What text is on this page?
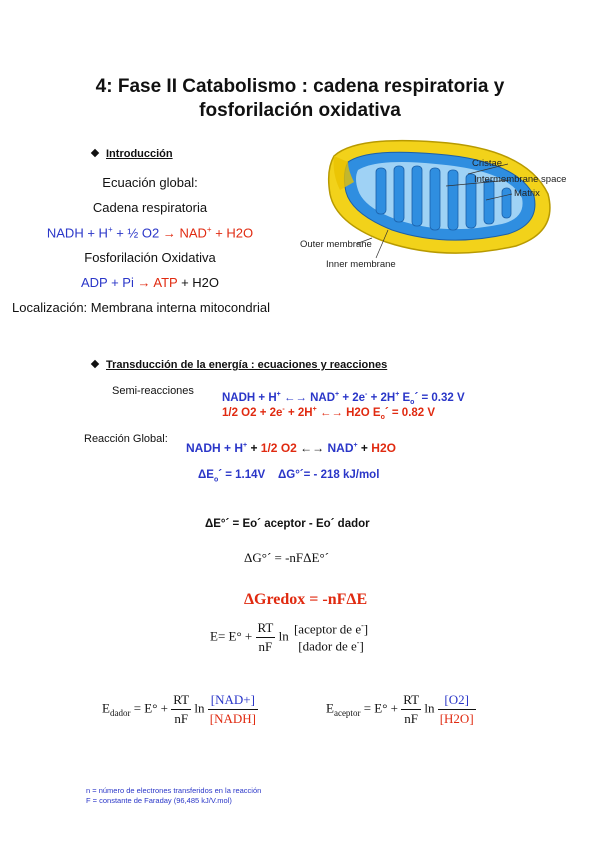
4: Fase II Catabolismo : cadena respiratoria y
fosforilación oxidativa
Introducción
Ecuación global:
Cadena respiratoria
NADH + H+ + ½ O2 → NAD+ + H2O
Fosforilación Oxidativa
ADP + Pi → ATP + H2O
Localización: Membrana interna mitocondrial
Cristae
Intermembrane space
Matrix
Outer membrane
Inner membrane
Transducción de la energía : ecuaciones y reacciones
Semi-reacciones
NADH + H+ ←→ NAD+ + 2e- + 2H+ $E_o´ = 0.32$ V
1/2 O2 + 2e- + 2H+ ←→ H2O $E_o´ = 0.82$ V
Reacción Global:
NADH + H+ + 1/2 O2 ←→ NAD+ + H2O
$\Delta E_o´ = 1.14V$ ΔG°´= - 218 kJ/mol
ΔE°´ = Eo´ aceptor - Eo´ dador
ΔG°´ = -nFΔE°´
ΔGredox = -nFΔE
$E= E^\circ + \frac{RT}{nF}$ ln [aceptor de e-]
[dador de e-]
$E_{dador} = E^\circ + \frac{RT}{nF}$ $\ln \frac{\text{[NAD+]}}{\text{[NADH]}}$	$E_{aceptor} = E^\circ + \frac{RT}{nF}$ $\ln \frac{[O2]}{[H2O]}$
n = número de electrones transferidos en la reacción
F = constante de Faraday (96,485 kJ/V.mol)
